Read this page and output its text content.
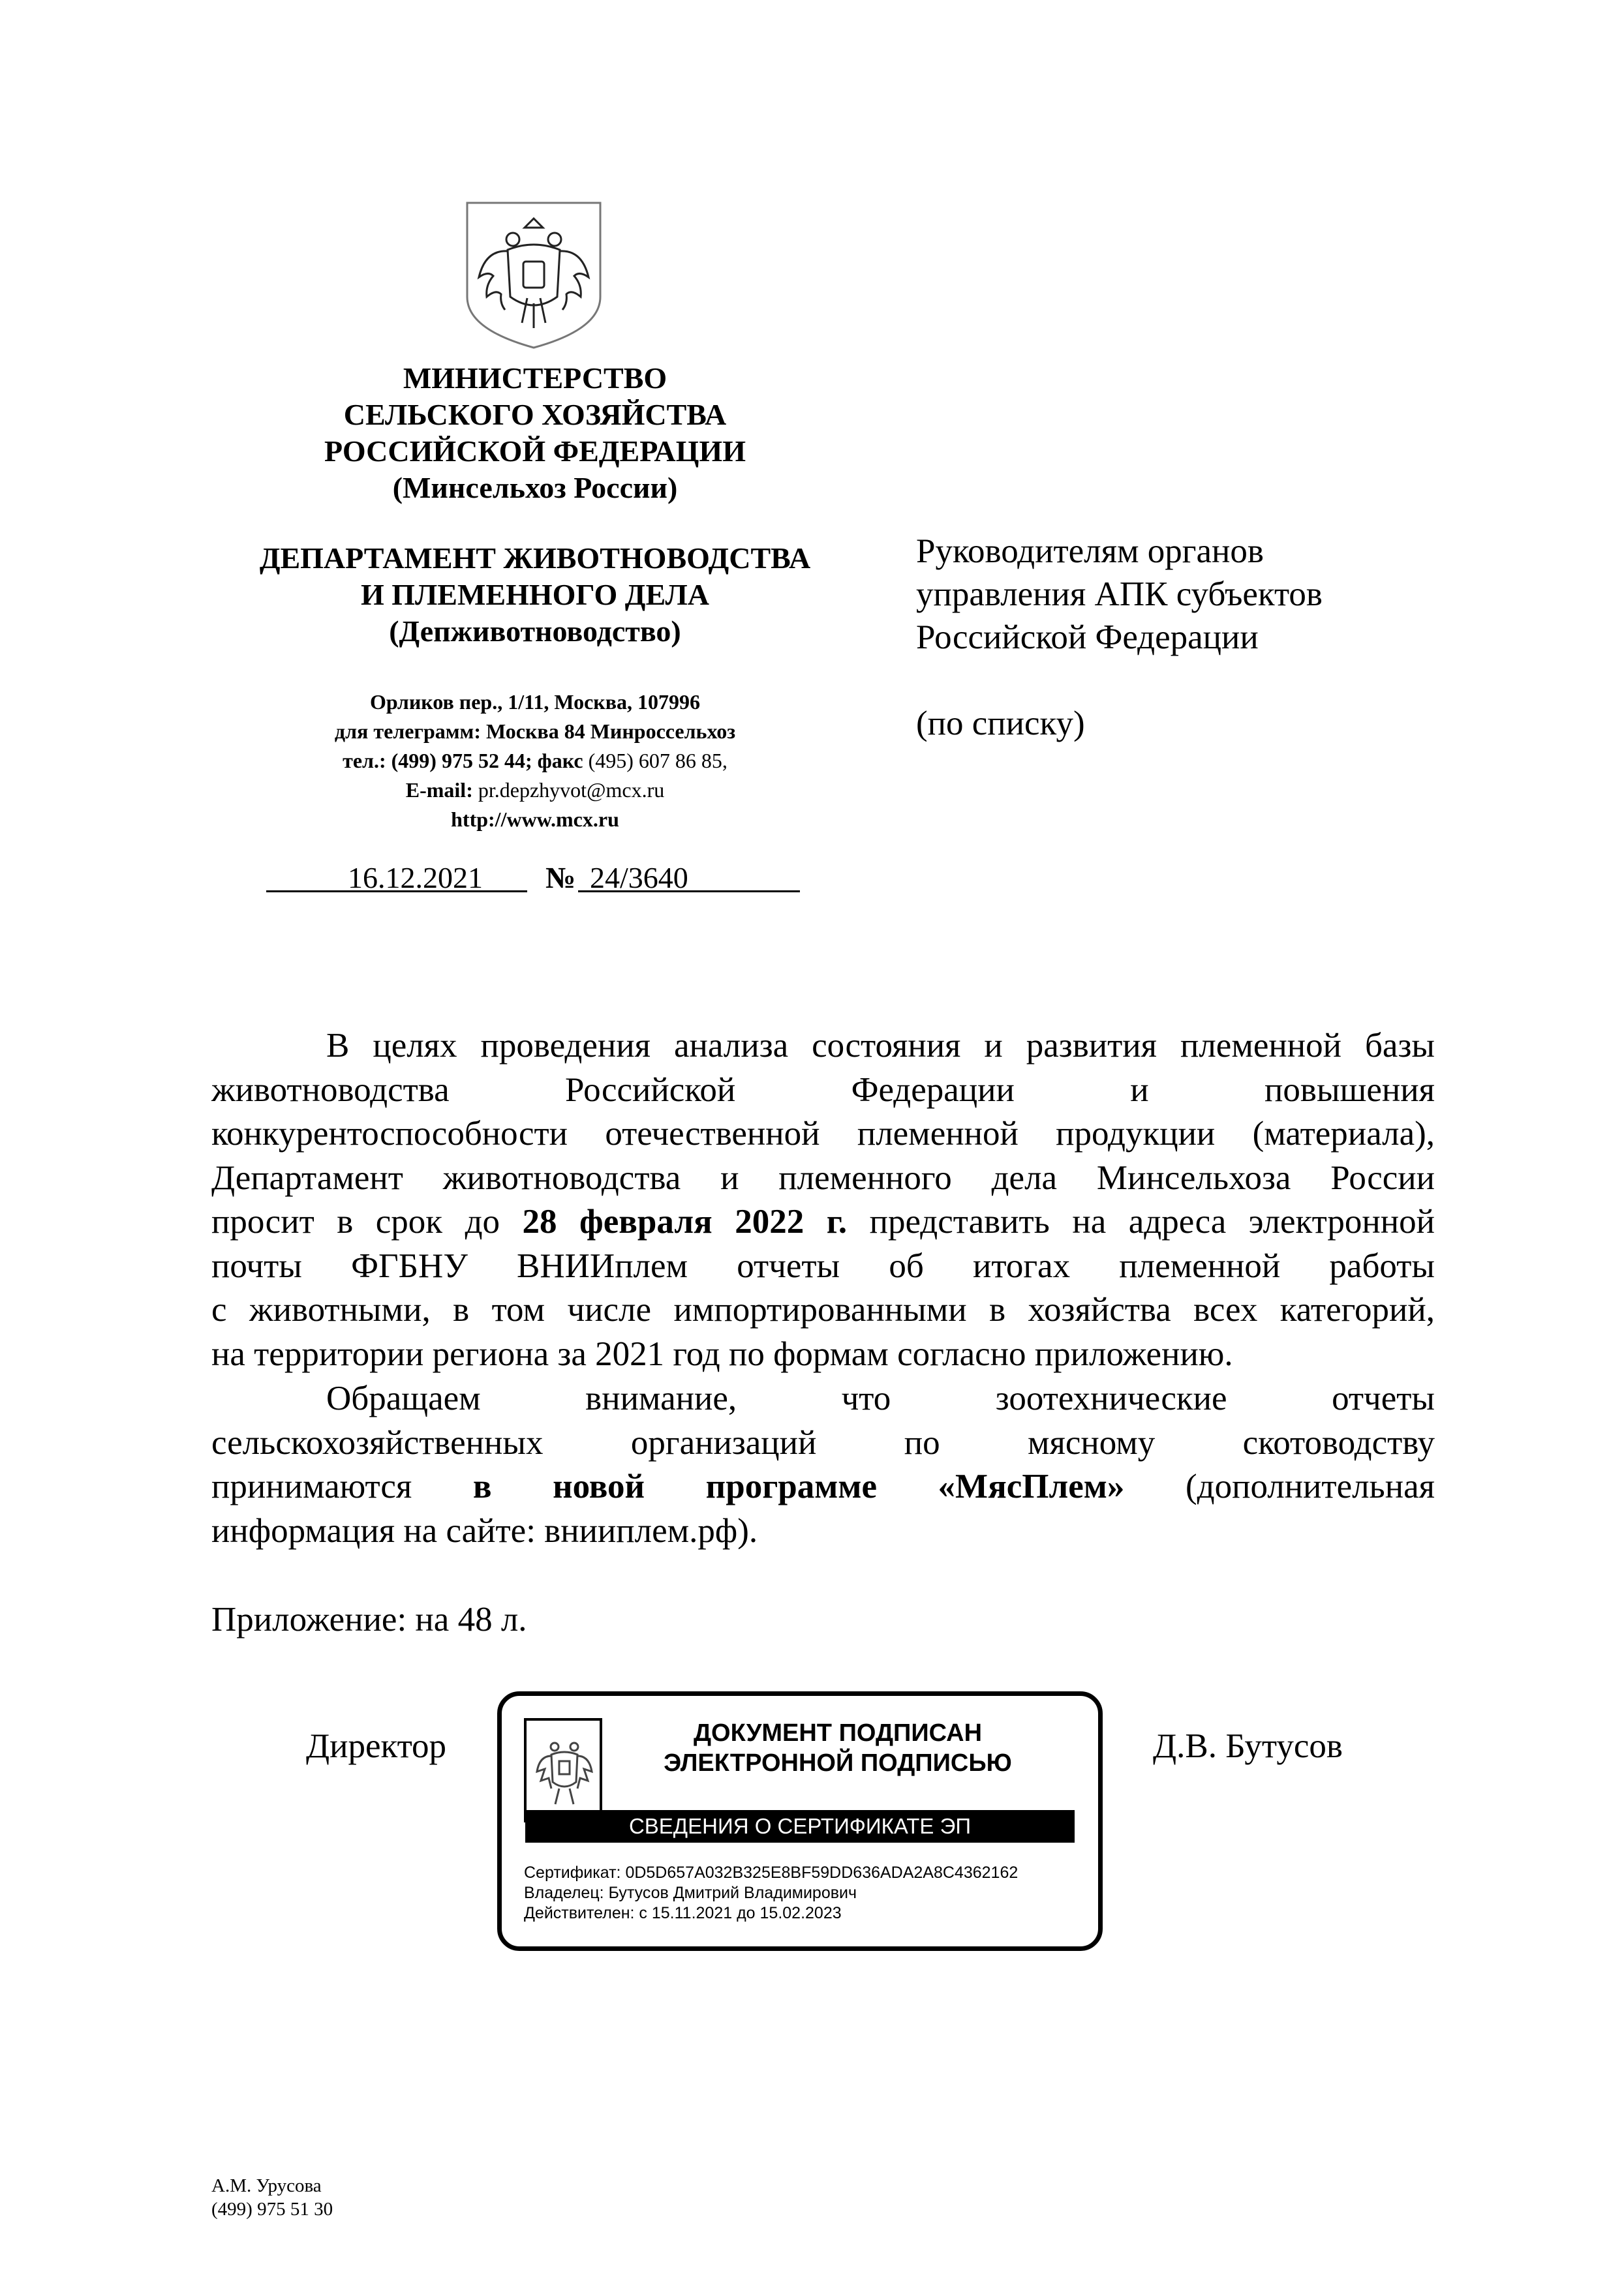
МИНИСТЕРСТВО
СЕЛЬСКОГО ХОЗЯЙСТВА
РОССИЙСКОЙ ФЕДЕРАЦИИ
(Минсельхоз России)
ДЕПАРТАМЕНТ ЖИВОТНОВОДСТВА
И ПЛЕМЕННОГО ДЕЛА
(Депживотноводство)
Орликов пер., 1/11, Москва, 107996
для телеграмм: Москва 84 Минроссельхоз
тел.: (499) 975 52 44; факс (495) 607 86 85,
E-mail: pr.depzhyvot@mcx.ru
http://www.mcx.ru
16.12.2021 № 24/3640
Руководителям органов
управления АПК субъектов
Российской Федерации
(по списку)
В целях проведения анализа состояния и развития племенной базы
животноводства Российской Федерации и повышения
конкурентоспособности отечественной племенной продукции (материала),
Департамент животноводства и племенного дела Минсельхоза России
просит в срок до 28 февраля 2022 г. представить на адреса электронной
почты ФГБНУ ВНИИплем отчеты об итогах племенной работы
с животными, в том числе импортированными в хозяйства всех категорий,
на территории региона за 2021 год по формам согласно приложению.
Обращаем внимание, что зоотехнические отчеты
сельскохозяйственных организаций по мясному скотоводству
принимаются в новой программе «МясПлем» (дополнительная
информация на сайте: внииплем.рф).
Приложение: на 48 л.
Директор	ДОКУМЕНТ ПОДПИСАН
ЭЛЕКТРОННОЙ ПОДПИСЬЮ
СВЕДЕНИЯ О СЕРТИФИКАТЕ ЭП
Сертификат: 0D5D657A032B325E8BF59DD636ADA2A8C4362162
Владелец: Бутусов Дмитрий Владимирович
Действителен: с 15.11.2021 до 15.02.2023
Д.В. Бутусов
А.М. Урусова
(499) 975 51 30
